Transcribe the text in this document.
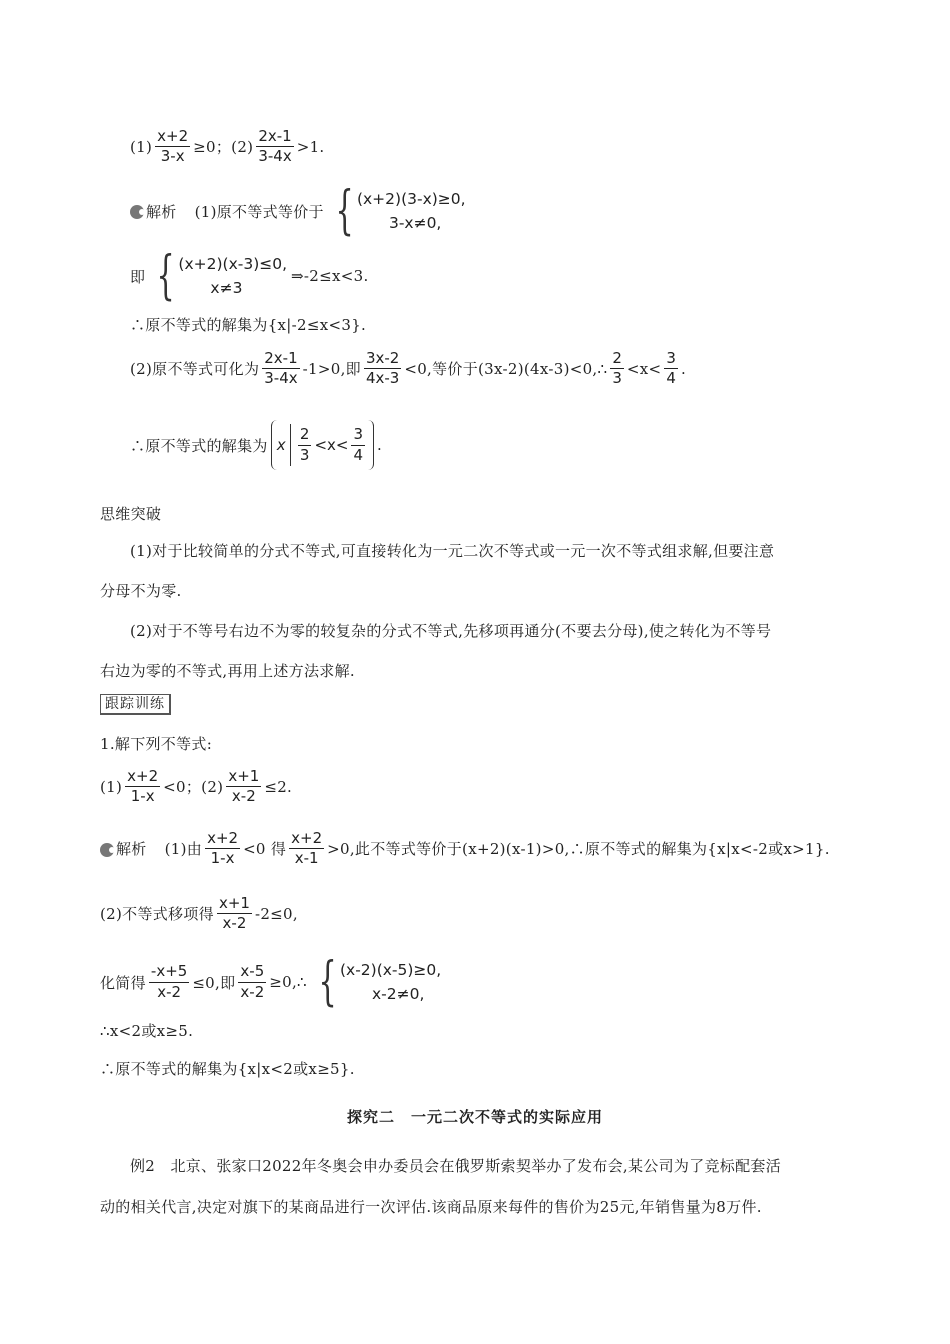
$(1) \frac{x+2}{3-x} \ge 0$；$(2) \frac{2x-1}{3-4x} >1$.
解析 (1)原不等式等价于 { (x+2)(3-x)≥0,
3-x≠0,
即 { (x+2)(x-3)≤0,
x≠3
⇒-2≤x<3.
∴原不等式的解集为{x|-2≤x<3}.
(2)原不等式可化为 $\frac{2x-1}{3-4x} -1>0$,即 $\frac{3x-2}{4x-3} <0$,等价于(3x-2)(4x-3)<0,∴ $\frac{2}{3} <x< \frac{3}{4}$ .
∴原不等式的解集为 x $\frac{2}{3} <x< \frac{3}{4}$ .
思维突破
(1)对于比较简单的分式不等式,可直接转化为一元二次不等式或一元一次不等式组求解,但要注意
分母不为零.
(2)对于不等号右边不为零的较复杂的分式不等式,先移项再通分(不要去分母),使之转化为不等号
右边为零的不等式,再用上述方法求解.
跟踪训练
1.解下列不等式:
$(1) \frac{x+2}{1-x} <0$；$(2) \frac{x+1}{x-2} \le 2$.
解析 (1)由 $\frac{x+2}{1-x} <0$ 得 $\frac{x+2}{x-1} >0$,此不等式等价于(x+2)(x-1)>0,∴原不等式的解集为{x|x<-2或x>1}.
(2)不等式移项得 $\frac{x+1}{x-2} -2\le 0$,
化简得 $\frac{-x+5}{x-2} \le 0$,即 $\frac{x-5}{x-2}$ ≥0,∴ { (x-2)(x-5)≥0,
x-2≠0,
∴x<2或x≥5.
∴原不等式的解集为{x|x<2或x≥5}.
探究二　一元二次不等式的实际应用
例2　北京、张家口2022年冬奥会申办委员会在俄罗斯索契举办了发布会,某公司为了竞标配套活
动的相关代言,决定对旗下的某商品进行一次评估.该商品原来每件的售价为25元,年销售量为8万件.
